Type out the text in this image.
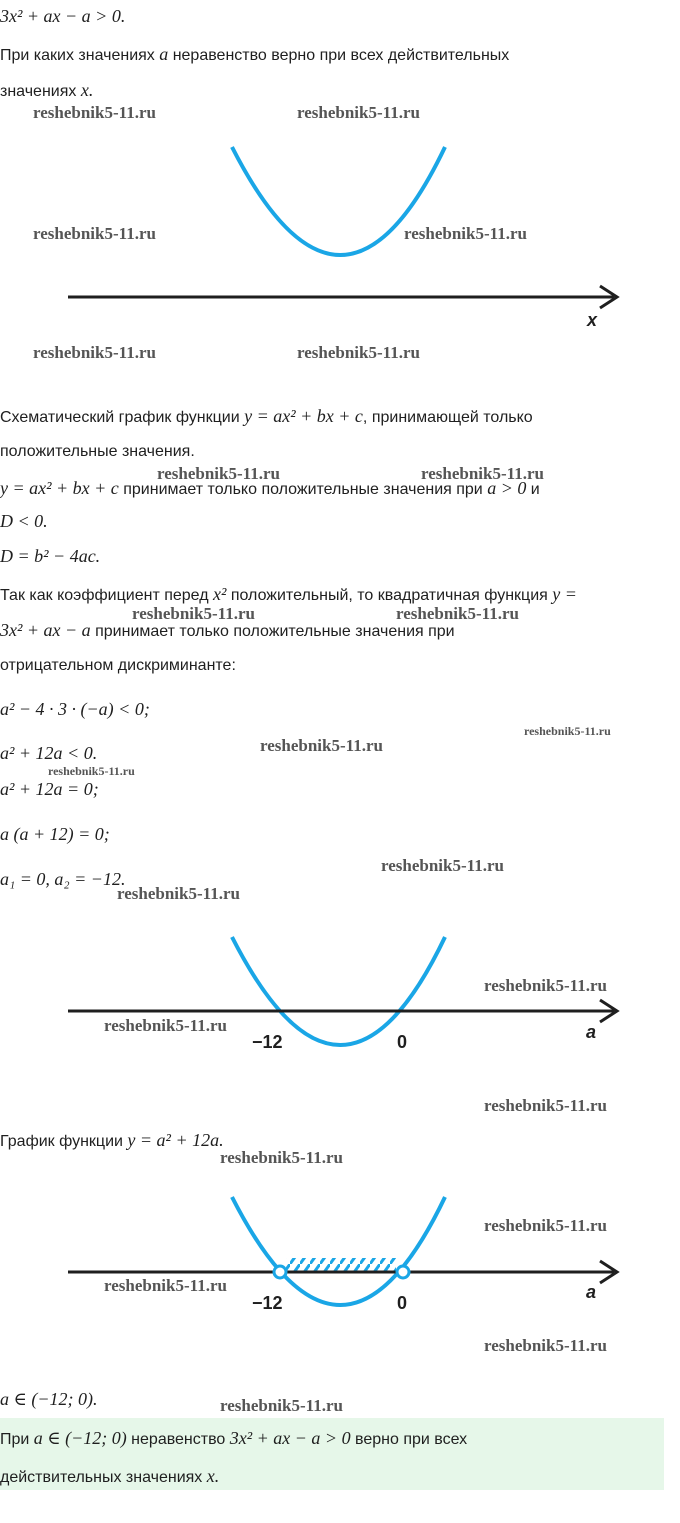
3x² + ax − a > 0.
При каких значениях a неравенство верно при всех действительных
значениях x.
x
Схематический график функции y = ax² + bx + c, принимающей только
положительные значения.
y = ax² + bx + c принимает только положительные значения при a > 0 и
D < 0.
D = b² − 4ac.
Так как коэффициент перед x² положительный, то квадратичная функция y =
3x² + ax − a принимает только положительные значения при
отрицательном дискриминанте:
a² − 4 · 3 · (−a) < 0;
a² + 12a < 0.
a² + 12a = 0;
a (a + 12) = 0;
a₁ = 0, a₂ = −12.
a
−12	0
График функции y = a² + 12a.
a
−12	0
a ∈ (−12; 0).
При a ∈ (−12; 0) неравенство 3x² + ax − a > 0 верно при всех
действительных значениях x.
reshebnik5-11.ru	reshebnik5-11.ru
reshebnik5-11.ru	reshebnik5-11.ru
reshebnik5-11.ru	reshebnik5-11.ru
reshebnik5-11.ru	reshebnik5-11.ru
reshebnik5-11.ru	reshebnik5-11.ru
reshebnik5-11.ru
reshebnik5-11.ru
reshebnik5-11.ru
reshebnik5-11.ru
reshebnik5-11.ru
reshebnik5-11.ru
reshebnik5-11.ru
reshebnik5-11.ru
reshebnik5-11.ru
reshebnik5-11.ru
reshebnik5-11.ru
reshebnik5-11.ru
reshebnik5-11.ru
